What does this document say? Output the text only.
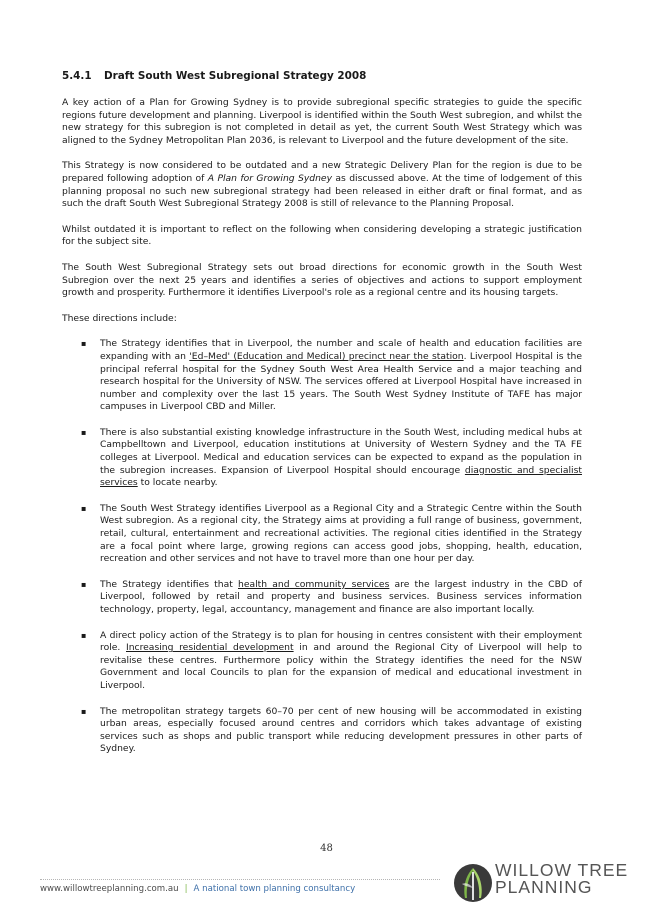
5.4.1 Draft South West Subregional Strategy 2008

A key action of a Plan for Growing Sydney is to provide subregional specific strategies to guide the specific regions future development and planning. Liverpool is identified within the South West subregion, and whilst the new strategy for this subregion is not completed in detail as yet, the current South West Strategy which was aligned to the Sydney Metropolitan Plan 2036, is relevant to Liverpool and the future development of the site.

This Strategy is now considered to be outdated and a new Strategic Delivery Plan for the region is due to be prepared following adoption of A Plan for Growing Sydney as discussed above. At the time of lodgement of this planning proposal no such new subregional strategy had been released in either draft or final format, and as such the draft South West Subregional Strategy 2008 is still of relevance to the Planning Proposal.

Whilst outdated it is important to reflect on the following when considering developing a strategic justification for the subject site.

The South West Subregional Strategy sets out broad directions for economic growth in the South West Subregion over the next 25 years and identifies a series of objectives and actions to support employment growth and prosperity. Furthermore it identifies Liverpool's role as a regional centre and its housing targets.

These directions include:

▪ The Strategy identifies that in Liverpool, the number and scale of health and education facilities are expanding with an 'Ed–Med' (Education and Medical) precinct near the station. Liverpool Hospital is the principal referral hospital for the Sydney South West Area Health Service and a major teaching and research hospital for the University of NSW. The services offered at Liverpool Hospital have increased in number and complexity over the last 15 years. The South West Sydney Institute of TAFE has major campuses in Liverpool CBD and Miller.
▪ There is also substantial existing knowledge infrastructure in the South West, including medical hubs at Campbelltown and Liverpool, education institutions at University of Western Sydney and the TA FE colleges at Liverpool. Medical and education services can be expected to expand as the population in the subregion increases. Expansion of Liverpool Hospital should encourage diagnostic and specialist services to locate nearby.
▪ The South West Strategy identifies Liverpool as a Regional City and a Strategic Centre within the South West subregion. As a regional city, the Strategy aims at providing a full range of business, government, retail, cultural, entertainment and recreational activities. The regional cities identified in the Strategy are a focal point where large, growing regions can access good jobs, shopping, health, education, recreation and other services and not have to travel more than one hour per day.
▪ The Strategy identifies that health and community services are the largest industry in the CBD of Liverpool, followed by retail and property and business services. Business services information technology, property, legal, accountancy, management and finance are also important locally.
▪ A direct policy action of the Strategy is to plan for housing in centres consistent with their employment role. Increasing residential development in and around the Regional City of Liverpool will help to revitalise these centres. Furthermore policy within the Strategy identifies the need for the NSW Government and local Councils to plan for the expansion of medical and educational investment in Liverpool.
▪ The metropolitan strategy targets 60–70 per cent of new housing will be accommodated in existing urban areas, especially focused around centres and corridors which takes advantage of existing services such as shops and public transport while reducing development pressures in other parts of Sydney.
48
www.willowtreeplanning.com.au | A national town planning consultancy
WILLOW TREE
PLANNING
